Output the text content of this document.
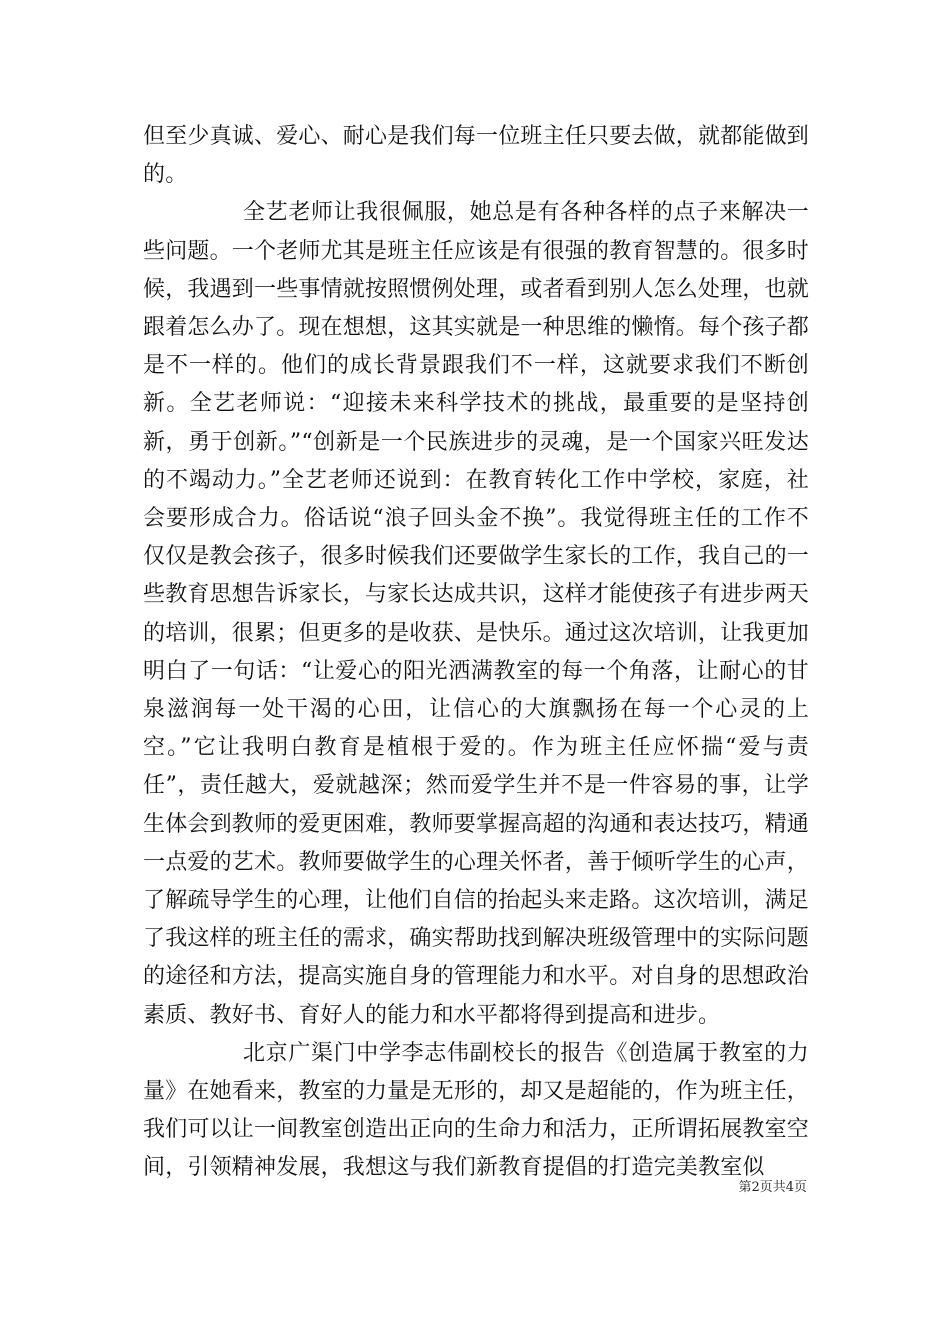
但至少真诚、爱心、耐心是我们每一位班主任只要去做，就都能做到的。

全艺老师让我很佩服，她总是有各种各样的点子来解决一些问题。一个老师尤其是班主任应该是有很强的教育智慧的。很多时候，我遇到一些事情就按照惯例处理，或者看到别人怎么处理，也就跟着怎么办了。现在想想，这其实就是一种思维的懒惰。每个孩子都是不一样的。他们的成长背景跟我们不一样，这就要求我们不断创新。全艺老师说：“迎接未来科学技术的挑战，最重要的是坚持创新，勇于创新。”“创新是一个民族进步的灵魂，是一个国家兴旺发达的不竭动力。”全艺老师还说到：在教育转化工作中学校，家庭，社会要形成合力。俗话说“浪子回头金不换”。我觉得班主任的工作不仅仅是教会孩子，很多时候我们还要做学生家长的工作，我自己的一些教育思想告诉家长，与家长达成共识，这样才能使孩子有进步两天的培训，很累；但更多的是收获、是快乐。通过这次培训，让我更加明白了一句话：“让爱心的阳光洒满教室的每一个角落，让耐心的甘泉滋润每一处干渴的心田，让信心的大旗飘扬在每一个心灵的上空。”它让我明白教育是植根于爱的。作为班主任应怀揣“爱与责任”，责任越大，爱就越深；然而爱学生并不是一件容易的事，让学生体会到教师的爱更困难，教师要掌握高超的沟通和表达技巧，精通一点爱的艺术。教师要做学生的心理关怀者，善于倾听学生的心声，了解疏导学生的心理，让他们自信的抬起头来走路。这次培训，满足了我这样的班主任的需求，确实帮助找到解决班级管理中的实际问题的途径和方法，提高实施自身的管理能力和水平。对自身的思想政治素质、教好书、育好人的能力和水平都将得到提高和进步。

北京广渠门中学李志伟副校长的报告《创造属于教室的力量》在她看来，教室的力量是无形的，却又是超能的，作为班主任，我们可以让一间教室创造出正向的生命力和活力，正所谓拓展教室空间，引领精神发展，我想这与我们新教育提倡的打造完美教室似

第2页共4页
